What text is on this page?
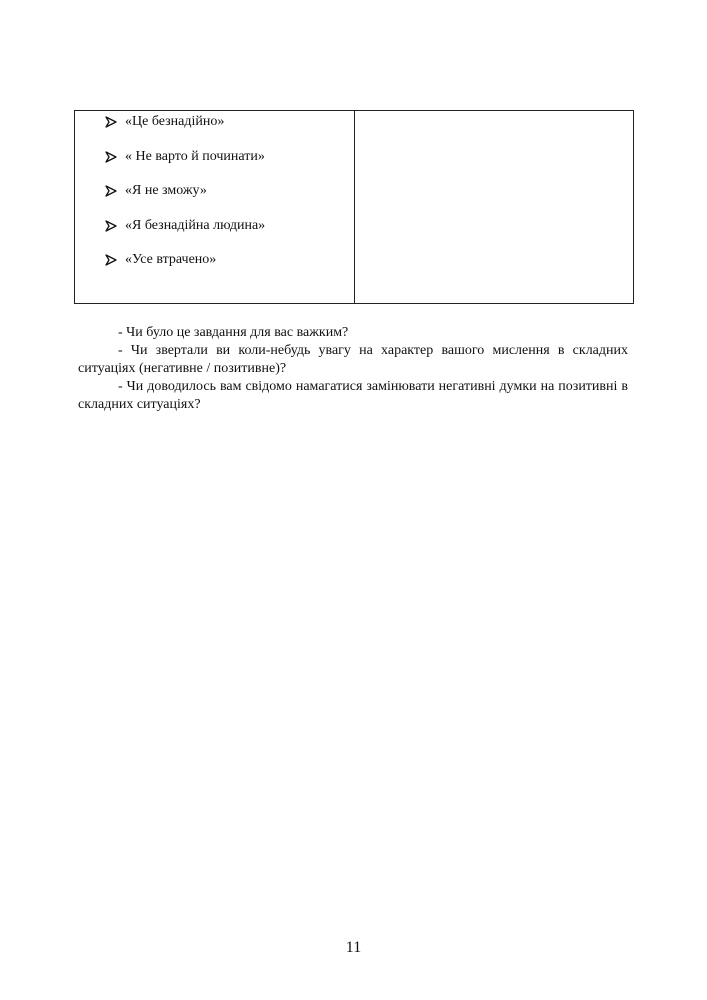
«Це безнадійно»
« Не варто й починати»
«Я не зможу»
«Я безнадійна людина»
«Усе втрачено»

- Чи було це завдання для вас важким?

- Чи звертали ви коли-небудь увагу на характер вашого мислення в складних ситуаціях (негативне / позитивне)?

- Чи доводилось вам свідомо намагатися замінювати негативні думки на позитивні в складних ситуаціях?

11
